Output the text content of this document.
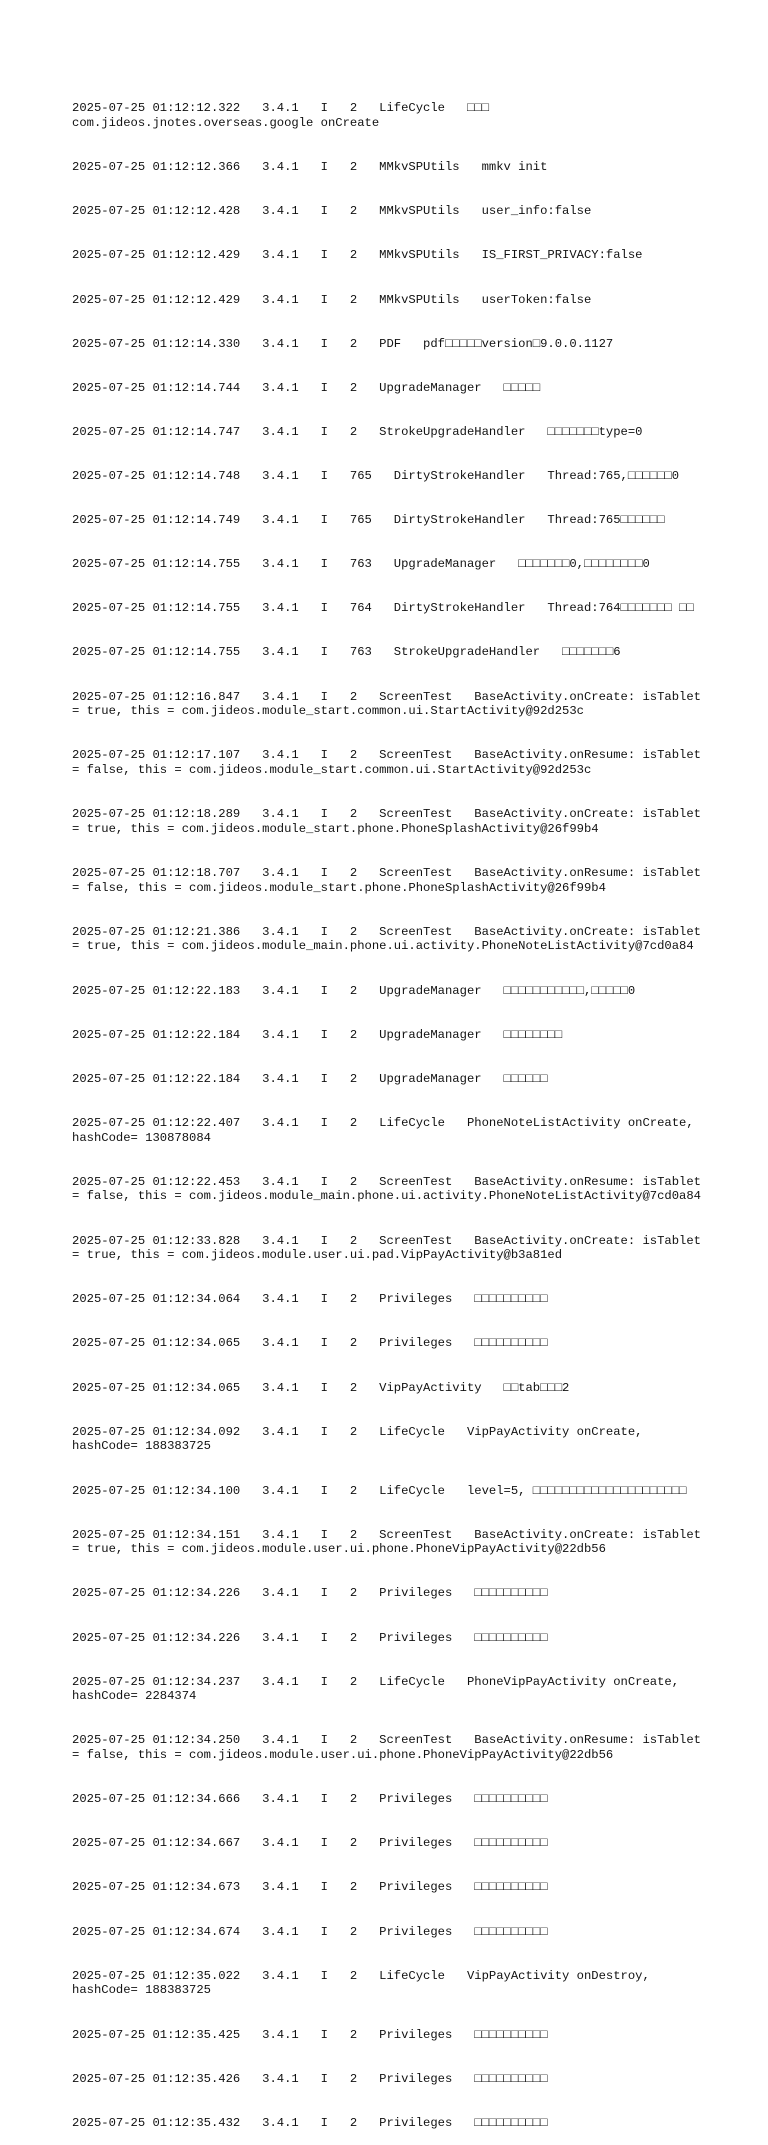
2025-07-25 01:12:12.322   3.4.1   I   2   LifeCycle   □□□ com.jideos.jnotes.overseas.google onCreate

2025-07-25 01:12:12.366   3.4.1   I   2   MMkvSPUtils   mmkv init

2025-07-25 01:12:12.428   3.4.1   I   2   MMkvSPUtils   user_info:false

2025-07-25 01:12:12.429   3.4.1   I   2   MMkvSPUtils   IS_FIRST_PRIVACY:false

2025-07-25 01:12:12.429   3.4.1   I   2   MMkvSPUtils   userToken:false

2025-07-25 01:12:14.330   3.4.1   I   2   PDF   pdf□□□□□version□9.0.0.1127

2025-07-25 01:12:14.744   3.4.1   I   2   UpgradeManager   □□□□□

2025-07-25 01:12:14.747   3.4.1   I   2   StrokeUpgradeHandler   □□□□□□□type=0

2025-07-25 01:12:14.748   3.4.1   I   765   DirtyStrokeHandler   Thread:765,□□□□□□0

2025-07-25 01:12:14.749   3.4.1   I   765   DirtyStrokeHandler   Thread:765□□□□□□

2025-07-25 01:12:14.755   3.4.1   I   763   UpgradeManager   □□□□□□□0,□□□□□□□□0

2025-07-25 01:12:14.755   3.4.1   I   764   DirtyStrokeHandler   Thread:764□□□□□□□ □□

2025-07-25 01:12:14.755   3.4.1   I   763   StrokeUpgradeHandler   □□□□□□□6

2025-07-25 01:12:16.847   3.4.1   I   2   ScreenTest   BaseActivity.onCreate: isTablet = true, this = com.jideos.module_start.common.ui.StartActivity@92d253c

2025-07-25 01:12:17.107   3.4.1   I   2   ScreenTest   BaseActivity.onResume: isTablet = false, this = com.jideos.module_start.common.ui.StartActivity@92d253c

2025-07-25 01:12:18.289   3.4.1   I   2   ScreenTest   BaseActivity.onCreate: isTablet = true, this = com.jideos.module_start.phone.PhoneSplashActivity@26f99b4

2025-07-25 01:12:18.707   3.4.1   I   2   ScreenTest   BaseActivity.onResume: isTablet = false, this = com.jideos.module_start.phone.PhoneSplashActivity@26f99b4

2025-07-25 01:12:21.386   3.4.1   I   2   ScreenTest   BaseActivity.onCreate: isTablet = true, this = com.jideos.module_main.phone.ui.activity.PhoneNoteListActivity@7cd0a84

2025-07-25 01:12:22.183   3.4.1   I   2   UpgradeManager   □□□□□□□□□□□,□□□□□0

2025-07-25 01:12:22.184   3.4.1   I   2   UpgradeManager   □□□□□□□□

2025-07-25 01:12:22.184   3.4.1   I   2   UpgradeManager   □□□□□□

2025-07-25 01:12:22.407   3.4.1   I   2   LifeCycle   PhoneNoteListActivity onCreate, hashCode= 130878084

2025-07-25 01:12:22.453   3.4.1   I   2   ScreenTest   BaseActivity.onResume: isTablet = false, this = com.jideos.module_main.phone.ui.activity.PhoneNoteListActivity@7cd0a84

2025-07-25 01:12:33.828   3.4.1   I   2   ScreenTest   BaseActivity.onCreate: isTablet = true, this = com.jideos.module.user.ui.pad.VipPayActivity@b3a81ed

2025-07-25 01:12:34.064   3.4.1   I   2   Privileges   □□□□□□□□□□

2025-07-25 01:12:34.065   3.4.1   I   2   Privileges   □□□□□□□□□□

2025-07-25 01:12:34.065   3.4.1   I   2   VipPayActivity   □□tab□□□2

2025-07-25 01:12:34.092   3.4.1   I   2   LifeCycle   VipPayActivity onCreate, hashCode= 188383725

2025-07-25 01:12:34.100   3.4.1   I   2   LifeCycle   level=5, □□□□□□□□□□□□□□□□□□□□□

2025-07-25 01:12:34.151   3.4.1   I   2   ScreenTest   BaseActivity.onCreate: isTablet = true, this = com.jideos.module.user.ui.phone.PhoneVipPayActivity@22db56

2025-07-25 01:12:34.226   3.4.1   I   2   Privileges   □□□□□□□□□□

2025-07-25 01:12:34.226   3.4.1   I   2   Privileges   □□□□□□□□□□

2025-07-25 01:12:34.237   3.4.1   I   2   LifeCycle   PhoneVipPayActivity onCreate, hashCode= 2284374

2025-07-25 01:12:34.250   3.4.1   I   2   ScreenTest   BaseActivity.onResume: isTablet = false, this = com.jideos.module.user.ui.phone.PhoneVipPayActivity@22db56

2025-07-25 01:12:34.666   3.4.1   I   2   Privileges   □□□□□□□□□□

2025-07-25 01:12:34.667   3.4.1   I   2   Privileges   □□□□□□□□□□

2025-07-25 01:12:34.673   3.4.1   I   2   Privileges   □□□□□□□□□□

2025-07-25 01:12:34.674   3.4.1   I   2   Privileges   □□□□□□□□□□

2025-07-25 01:12:35.022   3.4.1   I   2   LifeCycle   VipPayActivity onDestroy, hashCode= 188383725

2025-07-25 01:12:35.425   3.4.1   I   2   Privileges   □□□□□□□□□□

2025-07-25 01:12:35.426   3.4.1   I   2   Privileges   □□□□□□□□□□

2025-07-25 01:12:35.432   3.4.1   I   2   Privileges   □□□□□□□□□□
